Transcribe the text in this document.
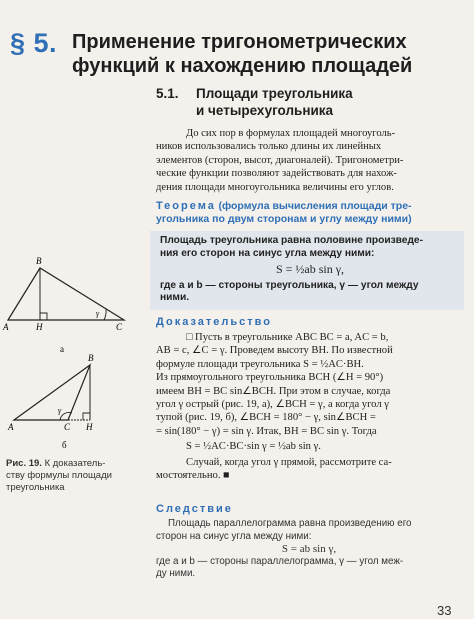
§ 5. Применение тригонометрических
функций к нахождению площадей
5.1. Площади треугольника
и четырехугольника
До сих пор в формулах площадей многоуголь-
ников использовались только длины их линейных
элементов (сторон, высот, диагоналей). Тригонометри-
ческие функции позволяют задействовать для нахож-
дения площади многоугольника величины его углов.
Теорема (формула вычисления площади тре-
угольника по двум сторонам и углу между ними)
Площадь треугольника равна половине произведе-
ния его сторон на синус угла между ними:
S = ½ab sin γ,
где a и b — стороны треугольника, γ — угол между
ними.
Доказательство
□ Пусть в треугольнике ABC BC = a, AC = b,
AB = c, ∠C = γ. Проведем высоту BH. По известной
формуле площади треугольника S = ½AC·BH.
Из прямоугольного треугольника BCH (∠H = 90°)
имеем BH = BC sin∠BCH. При этом в случае, когда
угол γ острый (рис. 19, а), ∠BCH = γ, а когда угол γ
тупой (рис. 19, б), ∠BCH = 180° − γ, sin∠BCH =
= sin(180° − γ) = sin γ. Итак, BH = BC sin γ. Тогда
S = ½AC·BC·sin γ = ½ab sin γ.
Случай, когда угол γ прямой, рассмотрите са-
мостоятельно. ■
Следствие
Площадь параллелограмма равна произведению его
сторон на синус угла между ними:
S = ab sin γ,
где a и b — стороны параллелограмма, γ — угол меж-
ду ними.
B
A	H	C
γ
а
B
A	C H
γ
б
Рис. 19. К доказатель-
ству формулы площади
треугольника
33
